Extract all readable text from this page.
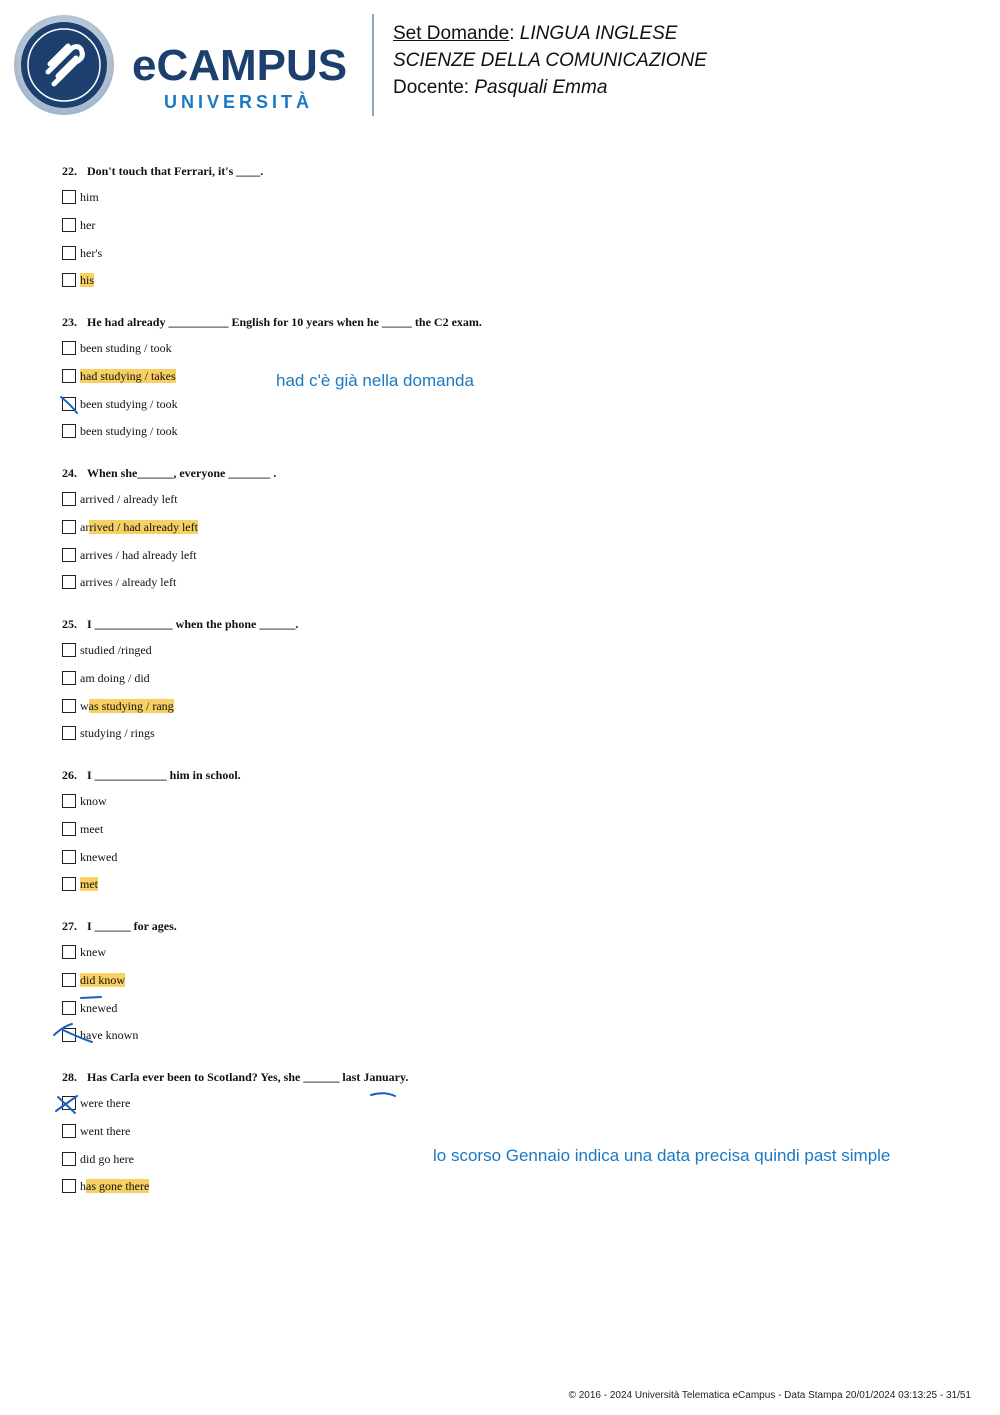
eCAMPUS
UNIVERSITÀ
Set Domande: LINGUA INGLESE
SCIENZE DELLA COMUNICAZIONE
Docente: Pasquali Emma
22. Don't touch that Ferrari, it's ____.
him
her
her's
his
23. He had already __________ English for 10 years when he _____ the C2 exam.
been studing / took
had studying / takes
been studying / took
been studying / took
24. When she______, everyone _______ .
arrived / already left
arrived / had already left
arrives / had already left
arrives / already left
25. I _____________ when the phone ______.
studied /ringed
am doing / did
was studying / rang
studying / rings
26. I ____________ him in school.
know
meet
knewed
met
27. I ______ for ages.
knew
did know
knewed
have known
28. Has Carla ever been to Scotland? Yes, she ______ last January.
were there
went there
did go here
has gone there
had c'è già nella domanda
lo scorso Gennaio indica una data precisa quindi past simple
© 2016 - 2024 Università Telematica eCampus - Data Stampa 20/01/2024 03:13:25 - 31/51
